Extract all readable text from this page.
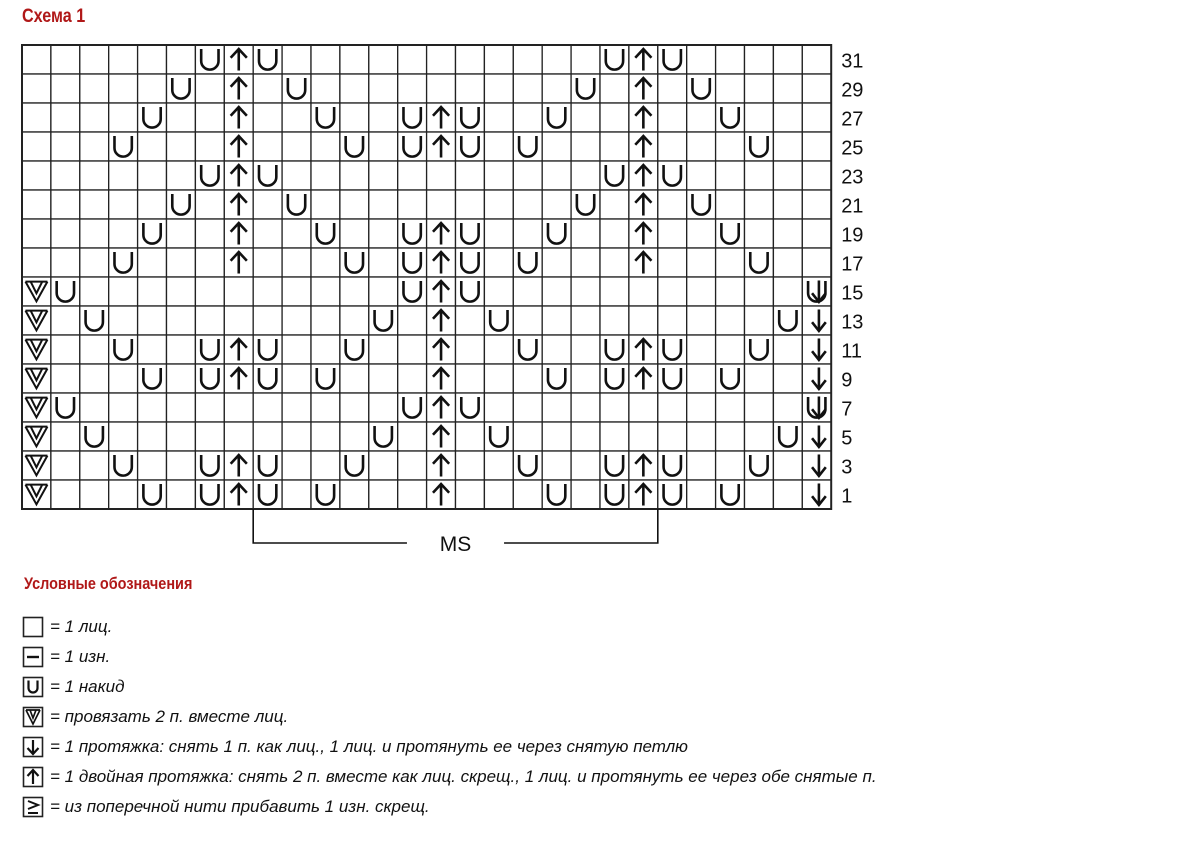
Схема 1
31
29
27
25
23
21
19
17
15
13
11
9
7
5
3
1
MS
Условные обозначения
= 1 лиц.
= 1 изн.
= 1 накид
= провязать 2 п. вместе лиц.
= 1 протяжка: снять 1 п. как лиц., 1 лиц. и протянуть ее через снятую петлю
= 1 двойная протяжка: снять 2 п. вместе как лиц. скрещ., 1 лиц. и протянуть ее через обе снятые п.
= из поперечной нити прибавить 1 изн. скрещ.
